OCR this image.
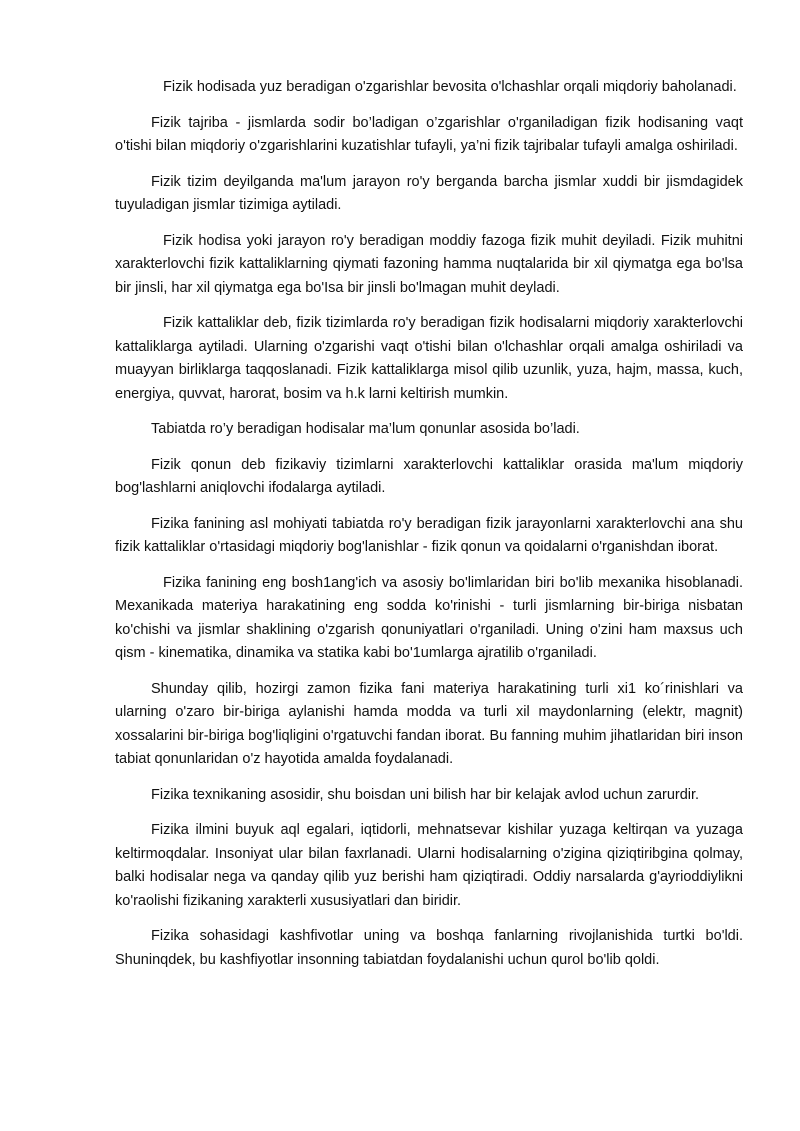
Fizik hodisada yuz beradigan o'zgarishlar bevosita o'lchashlar orqali miqdoriy baholanadi.

Fizik tajriba - jismlarda sodir bo’ladigan o’zgarishlar o'rganiladigan fizik hodisaning vaqt o'tishi bilan miqdoriy o'zgarishlarini kuzatishlar tufayli, ya’ni fizik tajribalar tufayli amalga oshiriladi.

Fizik tizim deyilganda ma'lum jarayon ro'y berganda barcha jismlar xuddi bir jismdagidek tuyuladigan jismlar tizimiga aytiladi.

Fizik hodisa yoki jarayon ro'y beradigan moddiy fazoga fizik muhit deyiladi. Fizik muhitni xarakterlovchi fizik kattaliklarning qiymati fazoning hamma nuqtalarida bir xil qiymatga ega bo'lsa bir jinsli, har xil qiymatga ega bo'Isa bir jinsli bo'lmagan muhit deyladi.

Fizik kattaliklar deb, fizik tizimlarda ro'y beradigan fizik hodisalarni miqdoriy xarakterlovchi kattaliklarga aytiladi. Ularning o'zgarishi vaqt o'tishi bilan o'lchashlar orqali amalga oshiriladi va muayyan birliklarga taqqoslanadi. Fizik kattaliklarga misol qilib uzunlik, yuza, hajm, massa, kuch, energiya, quvvat, harorat, bosim va h.k larni keltirish mumkin.

Tabiatda ro’y beradigan hodisalar ma’lum qonunlar asosida bo’ladi.

Fizik qonun deb fizikaviy tizimlarni xarakterlovchi kattaliklar orasida ma'lum miqdoriy bog'lashlarni aniqlovchi ifodalarga aytiladi.

Fizika fanining asl mohiyati tabiatda ro'y beradigan fizik jarayonlarni xarakterlovchi ana shu fizik kattaliklar o'rtasidagi miqdoriy bog'lanishlar - fizik qonun va qoidalarni o'rganishdan iborat.

Fizika fanining eng bosh1ang'ich va asosiy bo'limlaridan biri bo'lib mexanika hisoblanadi. Mexanikada materiya harakatining eng sodda ko'rinishi - turli jismlarning bir-biriga nisbatan ko'chishi va jismlar shaklining o'zgarish qonuniyatlari o'rganiladi. Uning o'zini ham maxsus uch qism - kinematika, dinamika va statika kabi bo'1umlarga ajratilib o'rganiladi.

Shunday qilib, hozirgi zamon fizika fani materiya harakatining turli xi1 ko´rinishlari va ularning o'zaro bir-biriga aylanishi hamda modda va turli xil maydonlarning (elektr, magnit) xossalarini bir-biriga bog'liqligini o'rgatuvchi fandan iborat. Bu fanning muhim jihatlaridan biri inson tabiat qonunlaridan o'z hayotida amalda foydalanadi.

Fizika texnikaning asosidir, shu boisdan uni bilish har bir kelajak avlod uchun zarurdir.

Fizika ilmini buyuk aql egalari, iqtidorli, mehnatsevar kishilar yuzaga keltirqan va yuzaga keltirmoqdalar. Insoniyat ular bilan faxrlanadi. Ularni hodisalarning o'zigina qiziqtiribgina qolmay, balki hodisalar nega va qanday qilib yuz berishi ham qiziqtiradi. Oddiy narsalarda g'ayrioddiylikni ko'raolishi fizikaning xarakterli xususiyatlari dan biridir.

Fizika sohasidagi kashfivotlar uning va boshqa fanlarning rivojlanishida turtki bo'ldi. Shuninqdek, bu kashfiyotlar insonning tabiatdan foydalanishi uchun qurol bo'lib qoldi.
